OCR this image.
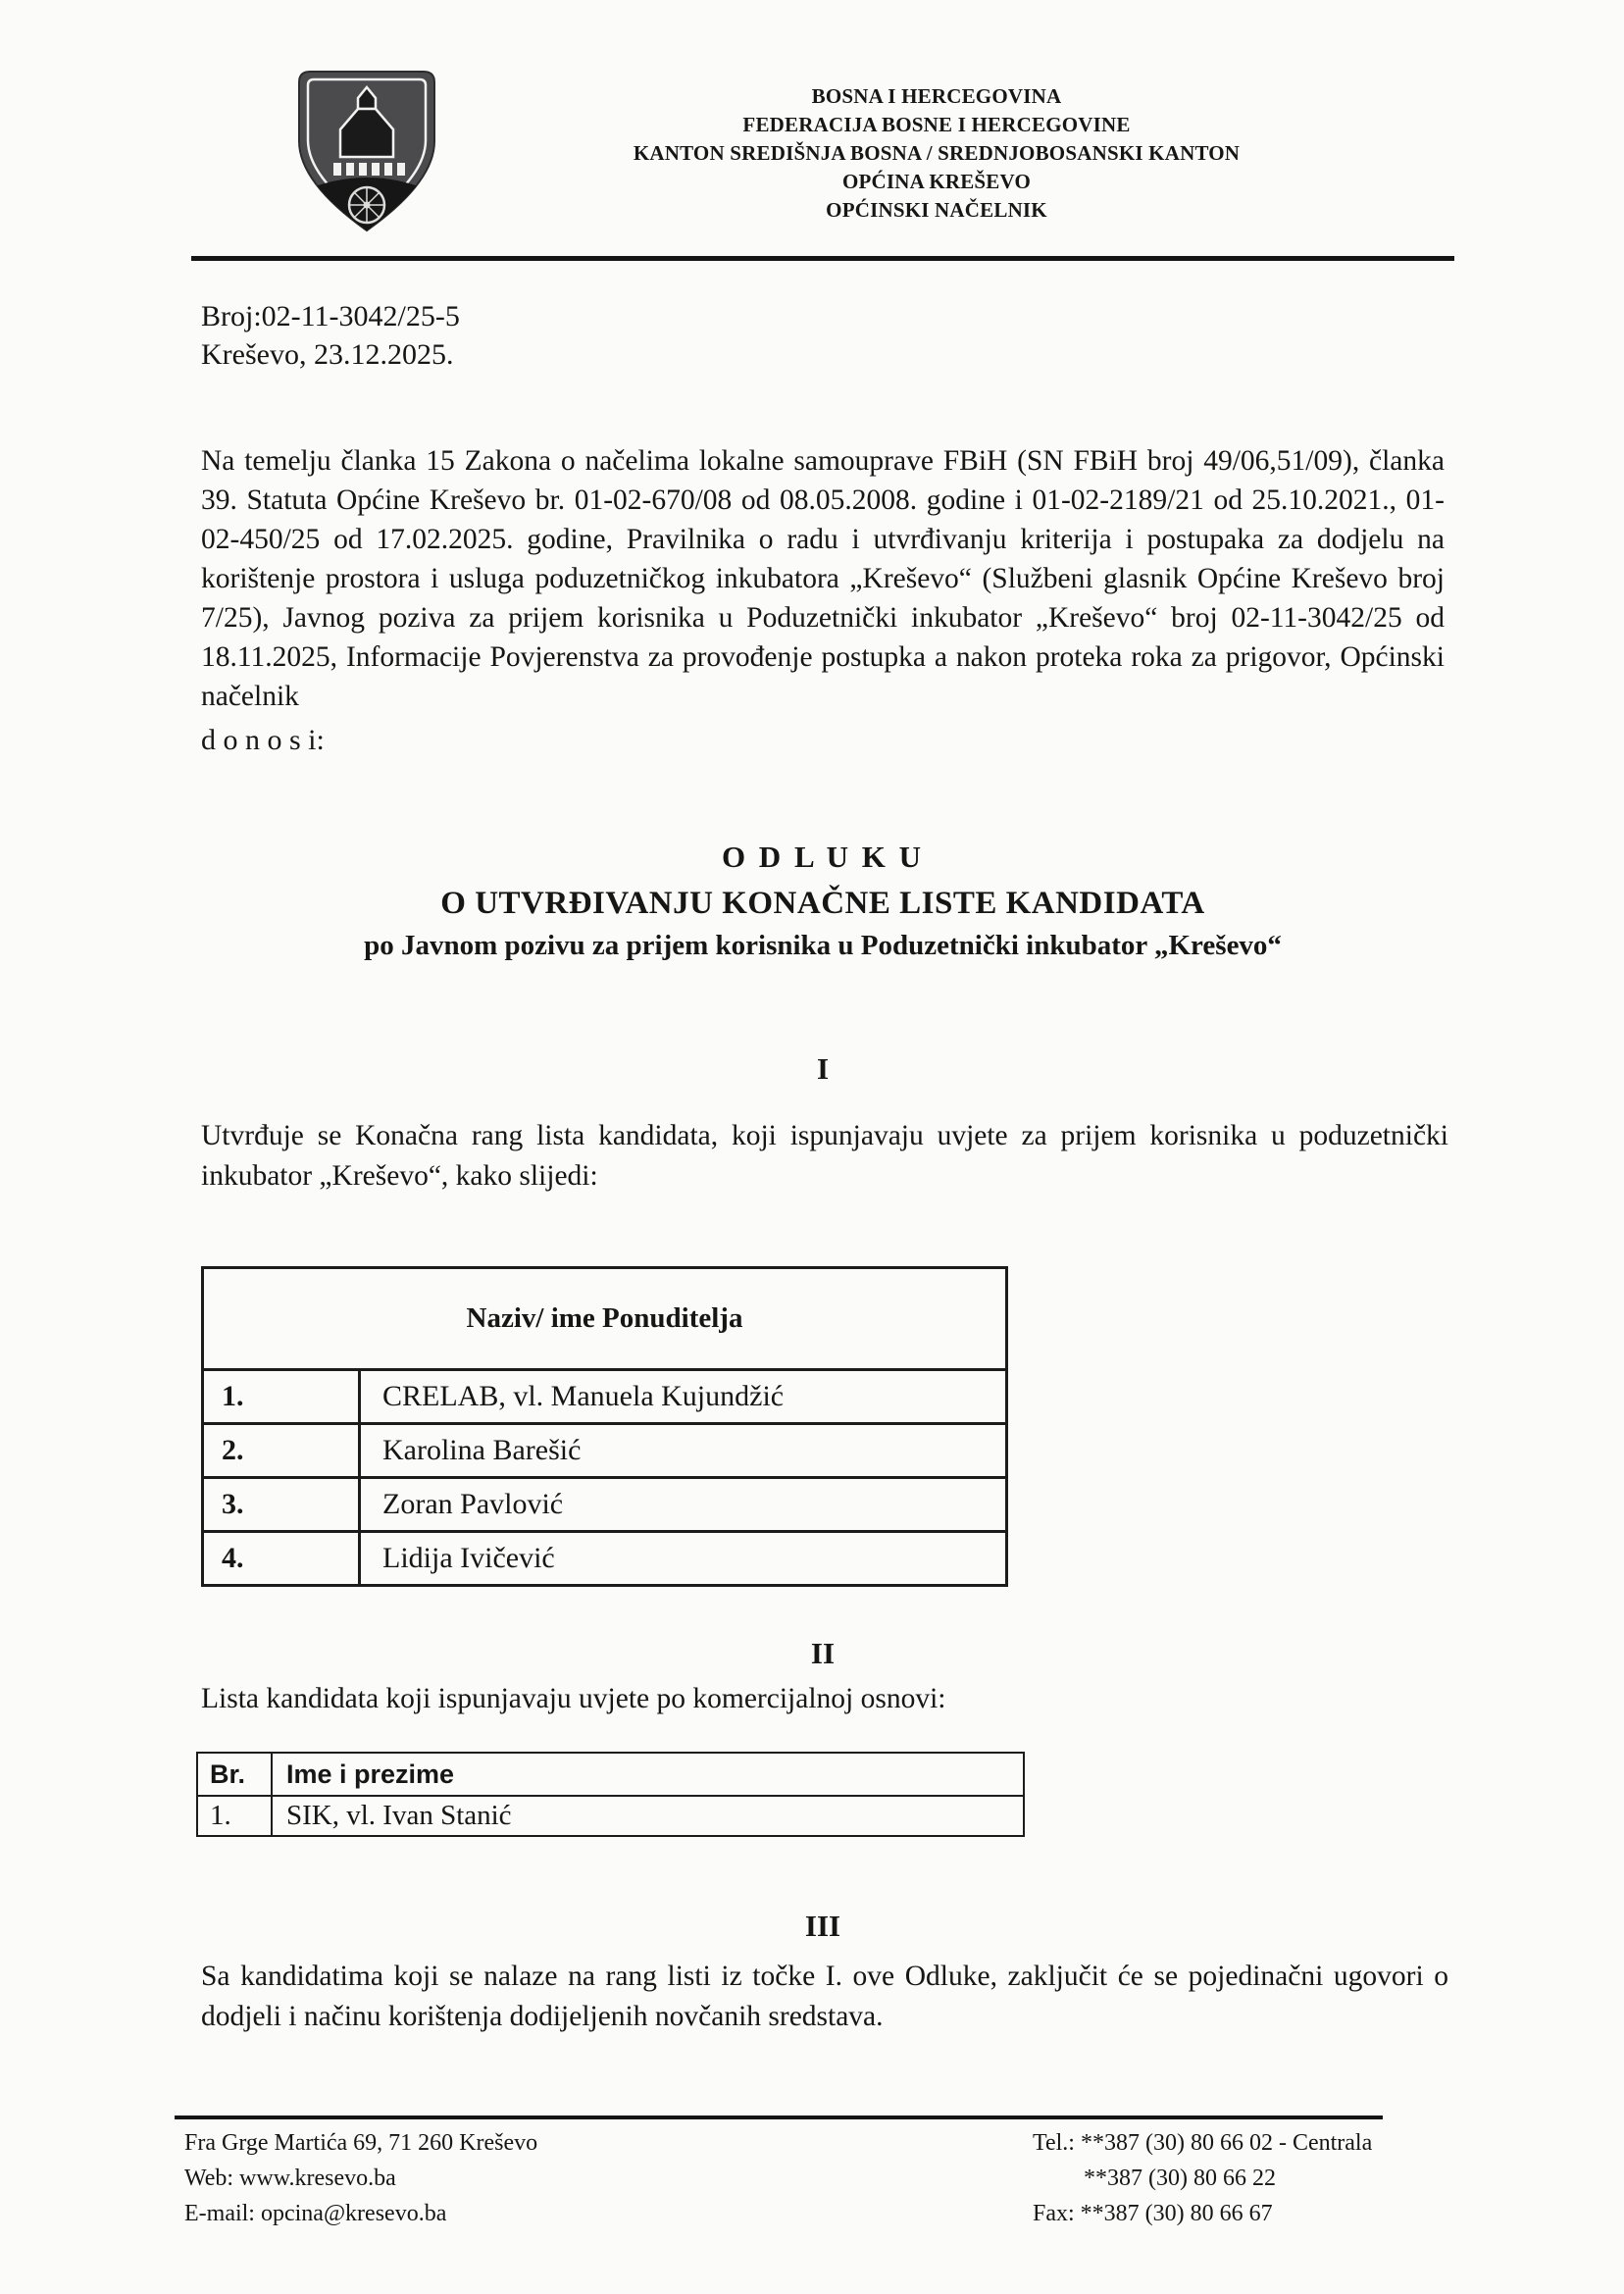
BOSNA I HERCEGOVINA
FEDERACIJA BOSNE I HERCEGOVINE
KANTON SREDIŠNJA BOSNA / SREDNJOBOSANSKI KANTON
OPĆINA KREŠEVO
OPĆINSKI NAČELNIK
Broj:02-11-3042/25-5
Kreševo, 23.12.2025.
Na temelju članka 15 Zakona o načelima lokalne samouprave FBiH (SN FBiH broj 49/06,51/09), članka 39. Statuta Općine Kreševo br. 01-02-670/08 od 08.05.2008. godine i 01-02-2189/21 od 25.10.2021., 01-02-450/25 od 17.02.2025. godine, Pravilnika o radu i utvrđivanju kriterija i postupaka za dodjelu na korištenje prostora i usluga poduzetničkog inkubatora „Kreševo“ (Službeni glasnik Općine Kreševo broj 7/25), Javnog poziva za prijem korisnika u Poduzetnički inkubator „Kreševo“ broj 02-11-3042/25 od 18.11.2025, Informacije Povjerenstva za provođenje postupka a nakon proteka roka za prigovor, Općinski načelnik
d o n o s i:
O D L U K U
O UTVRĐIVANJU KONAČNE LISTE KANDIDATA
po Javnom pozivu za prijem korisnika u Poduzetnički inkubator „Kreševo“
I
Utvrđuje se Konačna rang lista kandidata, koji ispunjavaju uvjete za prijem korisnika u poduzetnički inkubator „Kreševo“, kako slijedi:
Naziv/ ime Ponuditelja	
1.	CRELAB, vl. Manuela Kujundžić
2.	Karolina Barešić
3.	Zoran Pavlović
4.	Lidija Ivičević
II
Lista kandidata koji ispunjavaju uvjete po komercijalnoj osnovi:
Br.	Ime i prezime
1.	SIK, vl. Ivan Stanić
III
Sa kandidatima koji se nalaze na rang listi iz točke I. ove Odluke, zaključit će se pojedinačni ugovori o dodjeli i načinu korištenja dodijeljenih novčanih sredstava.
Fra Grge Martića 69, 71 260 Kreševo
Web: www.kresevo.ba
E-mail: opcina@kresevo.ba
Tel.: **387 (30) 80 66 02 - Centrala
**387 (30) 80 66 22
Fax: **387 (30) 80 66 67
